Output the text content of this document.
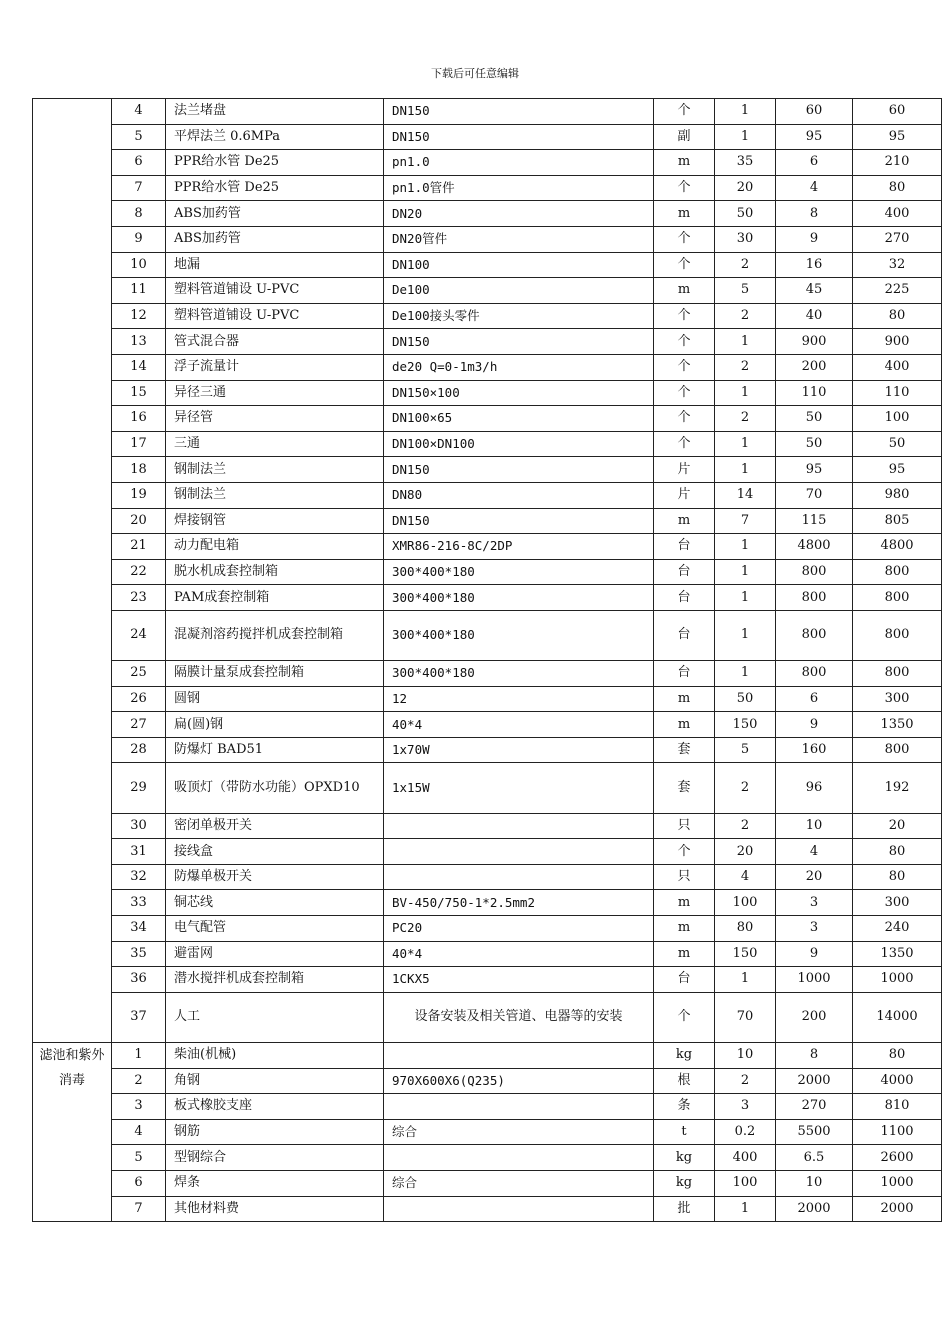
下载后可任意编辑
	4	法兰堵盘	DN150	个	1	60	60
	5	平焊法兰 0.6MPa	DN150	副	1	95	95
	6	PPR给水管 De25	pn1.0	m	35	6	210
	7	PPR给水管 De25	pn1.0管件	个	20	4	80
	8	ABS加药管	DN20	m	50	8	400
	9	ABS加药管	DN20管件	个	30	9	270
	10	地漏	DN100	个	2	16	32
	11	塑料管道铺设 U-PVC	De100	m	5	45	225
	12	塑料管道铺设 U-PVC	De100接头零件	个	2	40	80
	13	管式混合器	DN150	个	1	900	900
	14	浮子流量计	de20 Q=0-1m3/h	个	2	200	400
	15	异径三通	DN150×100	个	1	110	110
	16	异径管	DN100×65	个	2	50	100
	17	三通	DN100×DN100	个	1	50	50
	18	钢制法兰	DN150	片	1	95	95
	19	钢制法兰	DN80	片	14	70	980
	20	焊接钢管	DN150	m	7	115	805
	21	动力配电箱	XMR86-216-8C/2DP	台	1	4800	4800
	22	脱水机成套控制箱	300*400*180	台	1	800	800
	23	PAM成套控制箱	300*400*180	台	1	800	800
	24	混凝剂溶药搅拌机成套控制箱	300*400*180	台	1	800	800
	25	隔膜计量泵成套控制箱	300*400*180	台	1	800	800
	26	圆钢	12	m	50	6	300
	27	扁(圆)钢	40*4	m	150	9	1350
	28	防爆灯 BAD51	1x70W	套	5	160	800
	29	吸顶灯（带防水功能）OPXD10	1x15W	套	2	96	192
	30	密闭单极开关		只	2	10	20
	31	接线盒		个	20	4	80
	32	防爆单极开关		只	4	20	80
	33	铜芯线	BV-450/750-1*2.5mm2	m	100	3	300
	34	电气配管	PC20	m	80	3	240
	35	避雷网	40*4	m	150	9	1350
	36	潜水搅拌机成套控制箱	1CKX5	台	1	1000	1000
	37	人工	设备安装及相关管道、电器等的安装	个	70	200	14000
滤池和紫外消毒	1	柴油(机械)		kg	10	8	80
	2	角钢	970X600X6(Q235)	根	2	2000	4000
	3	板式橡胶支座		条	3	270	810
	4	钢筋	综合	t	0.2	5500	1100
	5	型钢综合		kg	400	6.5	2600
	6	焊条	综合	kg	100	10	1000
	7	其他材料费		批	1	2000	2000
